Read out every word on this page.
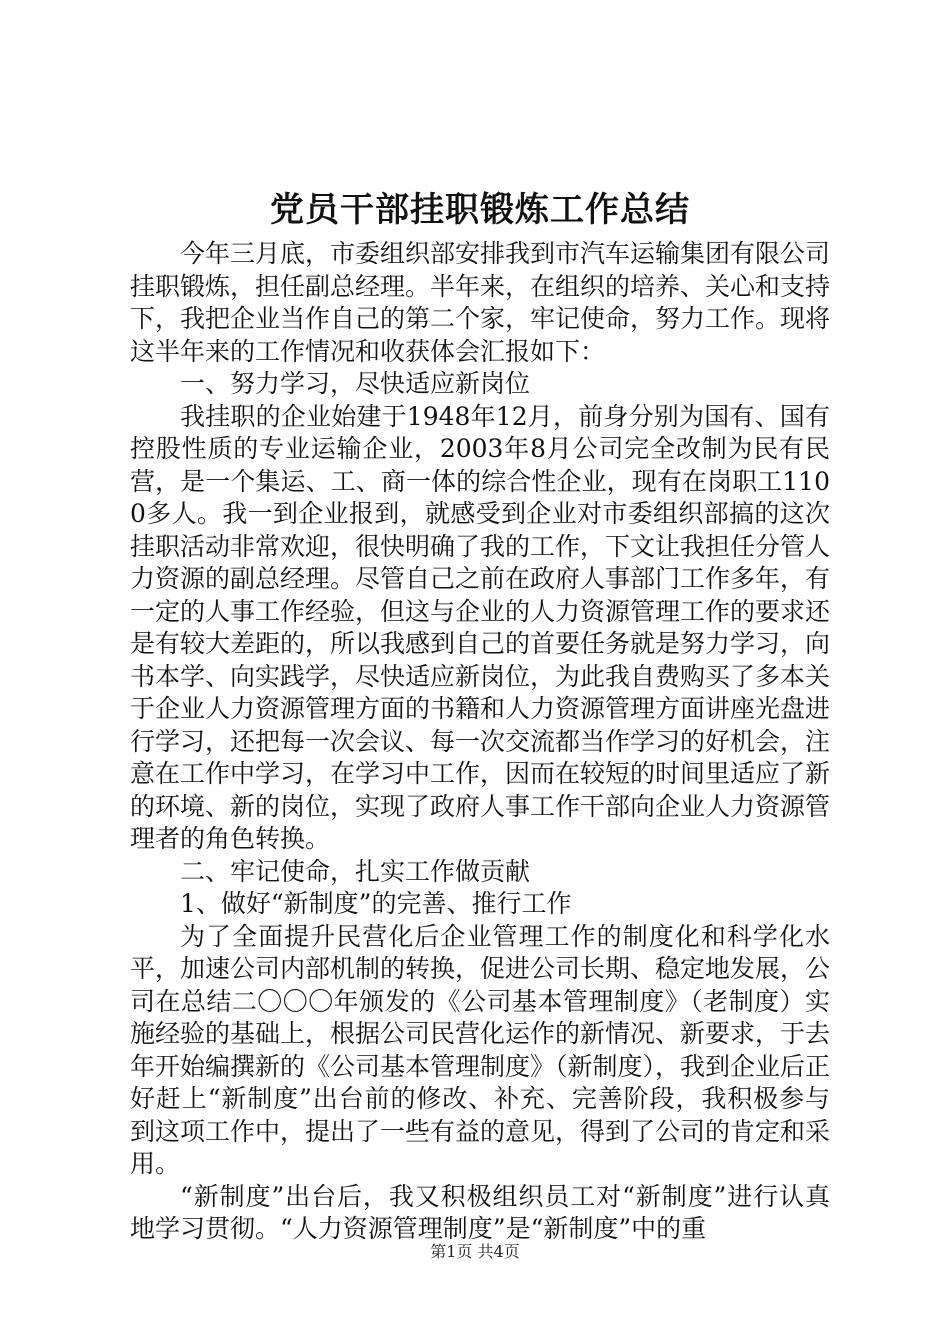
党员干部挂职锻炼工作总结

今年三月底，市委组织部安排我到市汽车运输集团有限公司挂职锻炼，担任副总经理。半年来，在组织的培养、关心和支持下，我把企业当作自己的第二个家，牢记使命，努力工作。现将这半年来的工作情况和收获体会汇报如下：

一、努力学习，尽快适应新岗位

我挂职的企业始建于1948年12月，前身分别为国有、国有控股性质的专业运输企业，2003年8月公司完全改制为民有民营，是一个集运、工、商一体的综合性企业，现有在岗职工1100多人。我一到企业报到，就感受到企业对市委组织部搞的这次挂职活动非常欢迎，很快明确了我的工作，下文让我担任分管人力资源的副总经理。尽管自己之前在政府人事部门工作多年，有一定的人事工作经验，但这与企业的人力资源管理工作的要求还是有较大差距的，所以我感到自己的首要任务就是努力学习，向书本学、向实践学，尽快适应新岗位，为此我自费购买了多本关于企业人力资源管理方面的书籍和人力资源管理方面讲座光盘进行学习，还把每一次会议、每一次交流都当作学习的好机会，注意在工作中学习，在学习中工作，因而在较短的时间里适应了新的环境、新的岗位，实现了政府人事工作干部向企业人力资源管理者的角色转换。

二、牢记使命，扎实工作做贡献

1、做好“新制度”的完善、推行工作

为了全面提升民营化后企业管理工作的制度化和科学化水平，加速公司内部机制的转换，促进公司长期、稳定地发展，公司在总结二〇〇〇年颁发的《公司基本管理制度》（老制度）实施经验的基础上，根据公司民营化运作的新情况、新要求，于去年开始编撰新的《公司基本管理制度》（新制度），我到企业后正好赶上“新制度”出台前的修改、补充、完善阶段，我积极参与到这项工作中，提出了一些有益的意见，得到了公司的肯定和采用。

“新制度”出台后，我又积极组织员工对“新制度”进行认真地学习贯彻。“人力资源管理制度”是“新制度”中的重

第1页 共4页
